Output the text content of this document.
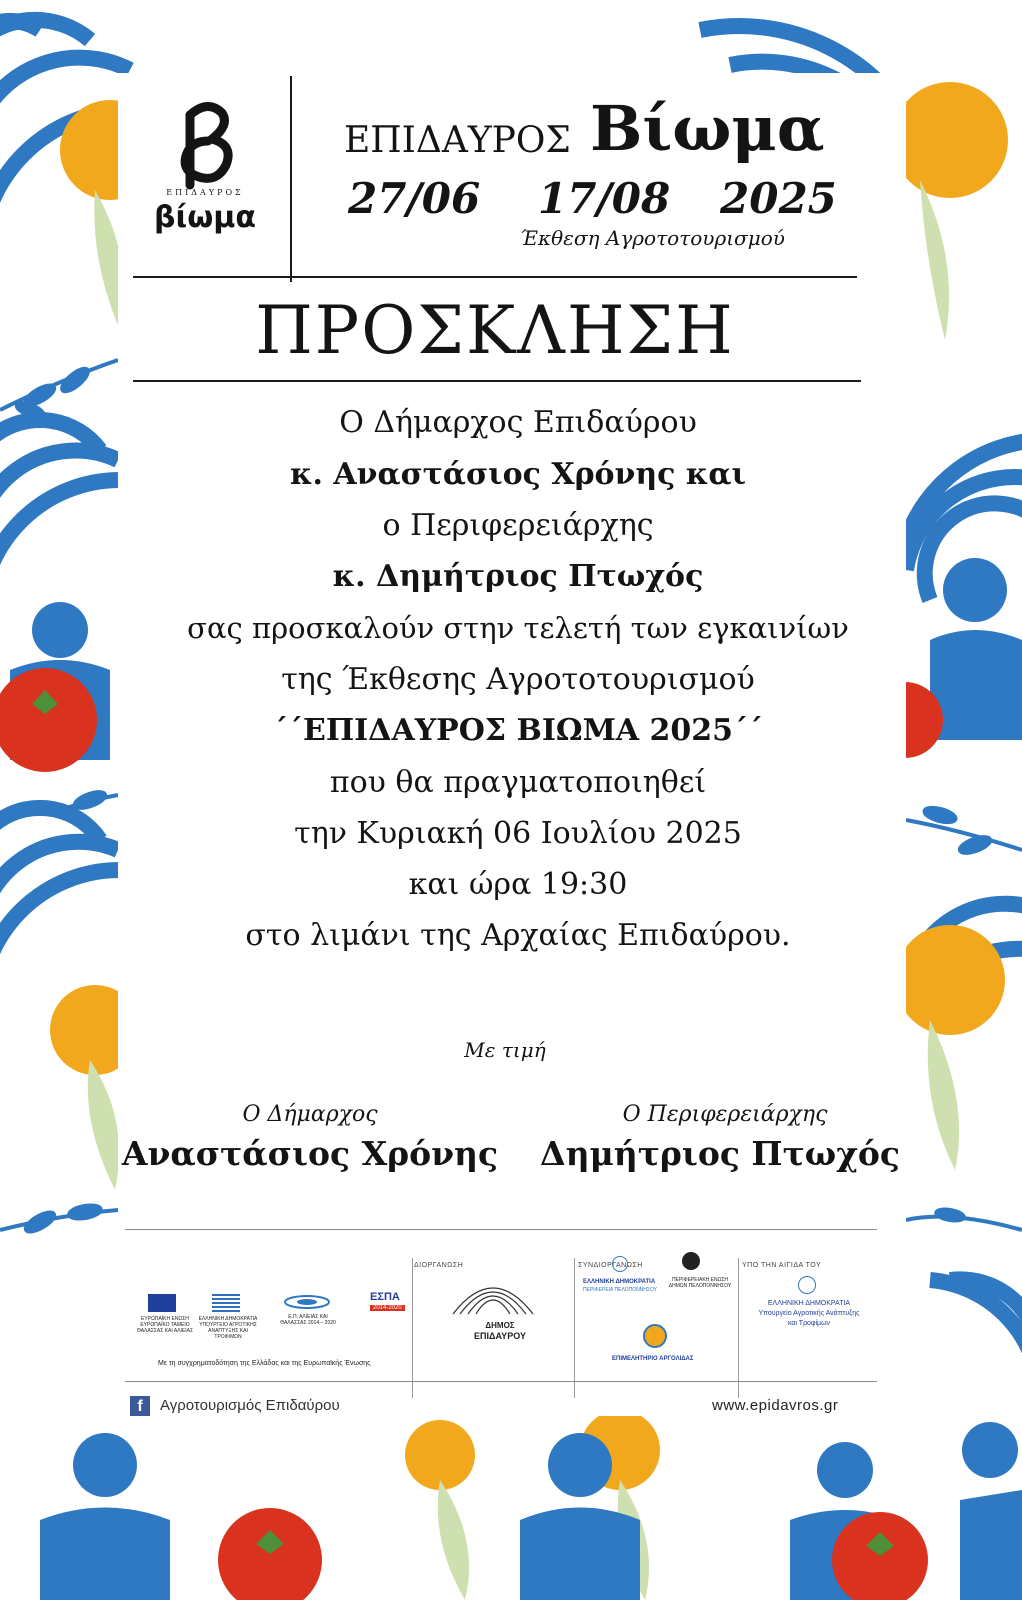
ΕΠΙΔΑΥΡΟΣ
βίωμα
ΕΠΙΔΑΥΡΟΣ Βίωμα
27/06 17/08 2025
Έκθεση Αγροτοτουρισμού
ΠΡΟΣΚΛΗΣΗ
Ο Δήμαρχος Επιδαύρου
κ. Αναστάσιος Χρόνης και
ο Περιφερειάρχης
κ. Δημήτριος Πτωχός
σας προσκαλούν στην τελετή των εγκαινίων
της Έκθεσης Αγροτοτουρισμού
΄΄ΕΠΙΔΑΥΡΟΣ ΒΙΩΜΑ 2025΄΄
που θα πραγματοποιηθεί
την Κυριακή 06 Ιουλίου 2025
και ώρα 19:30
στο λιμάνι της Αρχαίας Επιδαύρου.
Με τιμή
Ο Δήμαρχος
Αναστάσιος Χρόνης
Ο Περιφερειάρχης
Δημήτριος Πτωχός
ΕΥΡΩΠΑΪΚΗ ΕΝΩΣΗ ΕΥΡΩΠΑΪΚΟ ΤΑΜΕΙΟ ΘΑΛΑΣΣΑΣ ΚΑΙ ΑΛΙΕΙΑΣ
ΕΛΛΗΝΙΚΗ ΔΗΜΟΚΡΑΤΙΑ ΥΠΟΥΡΓΕΙΟ ΑΓΡΟΤΙΚΗΣ ΑΝΑΠΤΥΞΗΣ ΚΑΙ ΤΡΟΦΙΜΩΝ
Ε.Π. ΑΛΙΕΙΑΣ ΚΑΙ ΘΑΛΑΣΣΑΣ 2014 – 2020
ΕΣΠΑ
2014-2020
Με τη συγχρηματοδότηση της Ελλάδας και της Ευρωπαϊκής Ένωσης
ΔΙΟΡΓΑΝΩΣΗ
ΔΗΜΟΣ
ΕΠΙΔΑΥΡΟΥ
ΣΥΝΔΙΟΡΓΑΝΩΣΗ
ΕΛΛΗΝΙΚΗ ΔΗΜΟΚΡΑΤΙΑ
ΠΕΡΙΦΕΡΕΙΑ ΠΕΛΟΠΟΝΝΗΣΟΥ
ΠΕΡΙΦΕΡΕΙΑΚΗ ΕΝΩΣΗ ΔΗΜΩΝ ΠΕΛΟΠΟΝΝΗΣΟΥ
ΕΠΙΜΕΛΗΤΗΡΙΟ ΑΡΓΟΛΙΔΑΣ
ΥΠΟ ΤΗΝ ΑΙΓΙΔΑ ΤΟΥ
ΕΛΛΗΝΙΚΗ ΔΗΜΟΚΡΑΤΙΑ
Υπουργείο Αγροτικής Ανάπτυξης
και Τροφίμων
f	Αγροτουρισμός Επιδαύρου	www.epidavros.gr
